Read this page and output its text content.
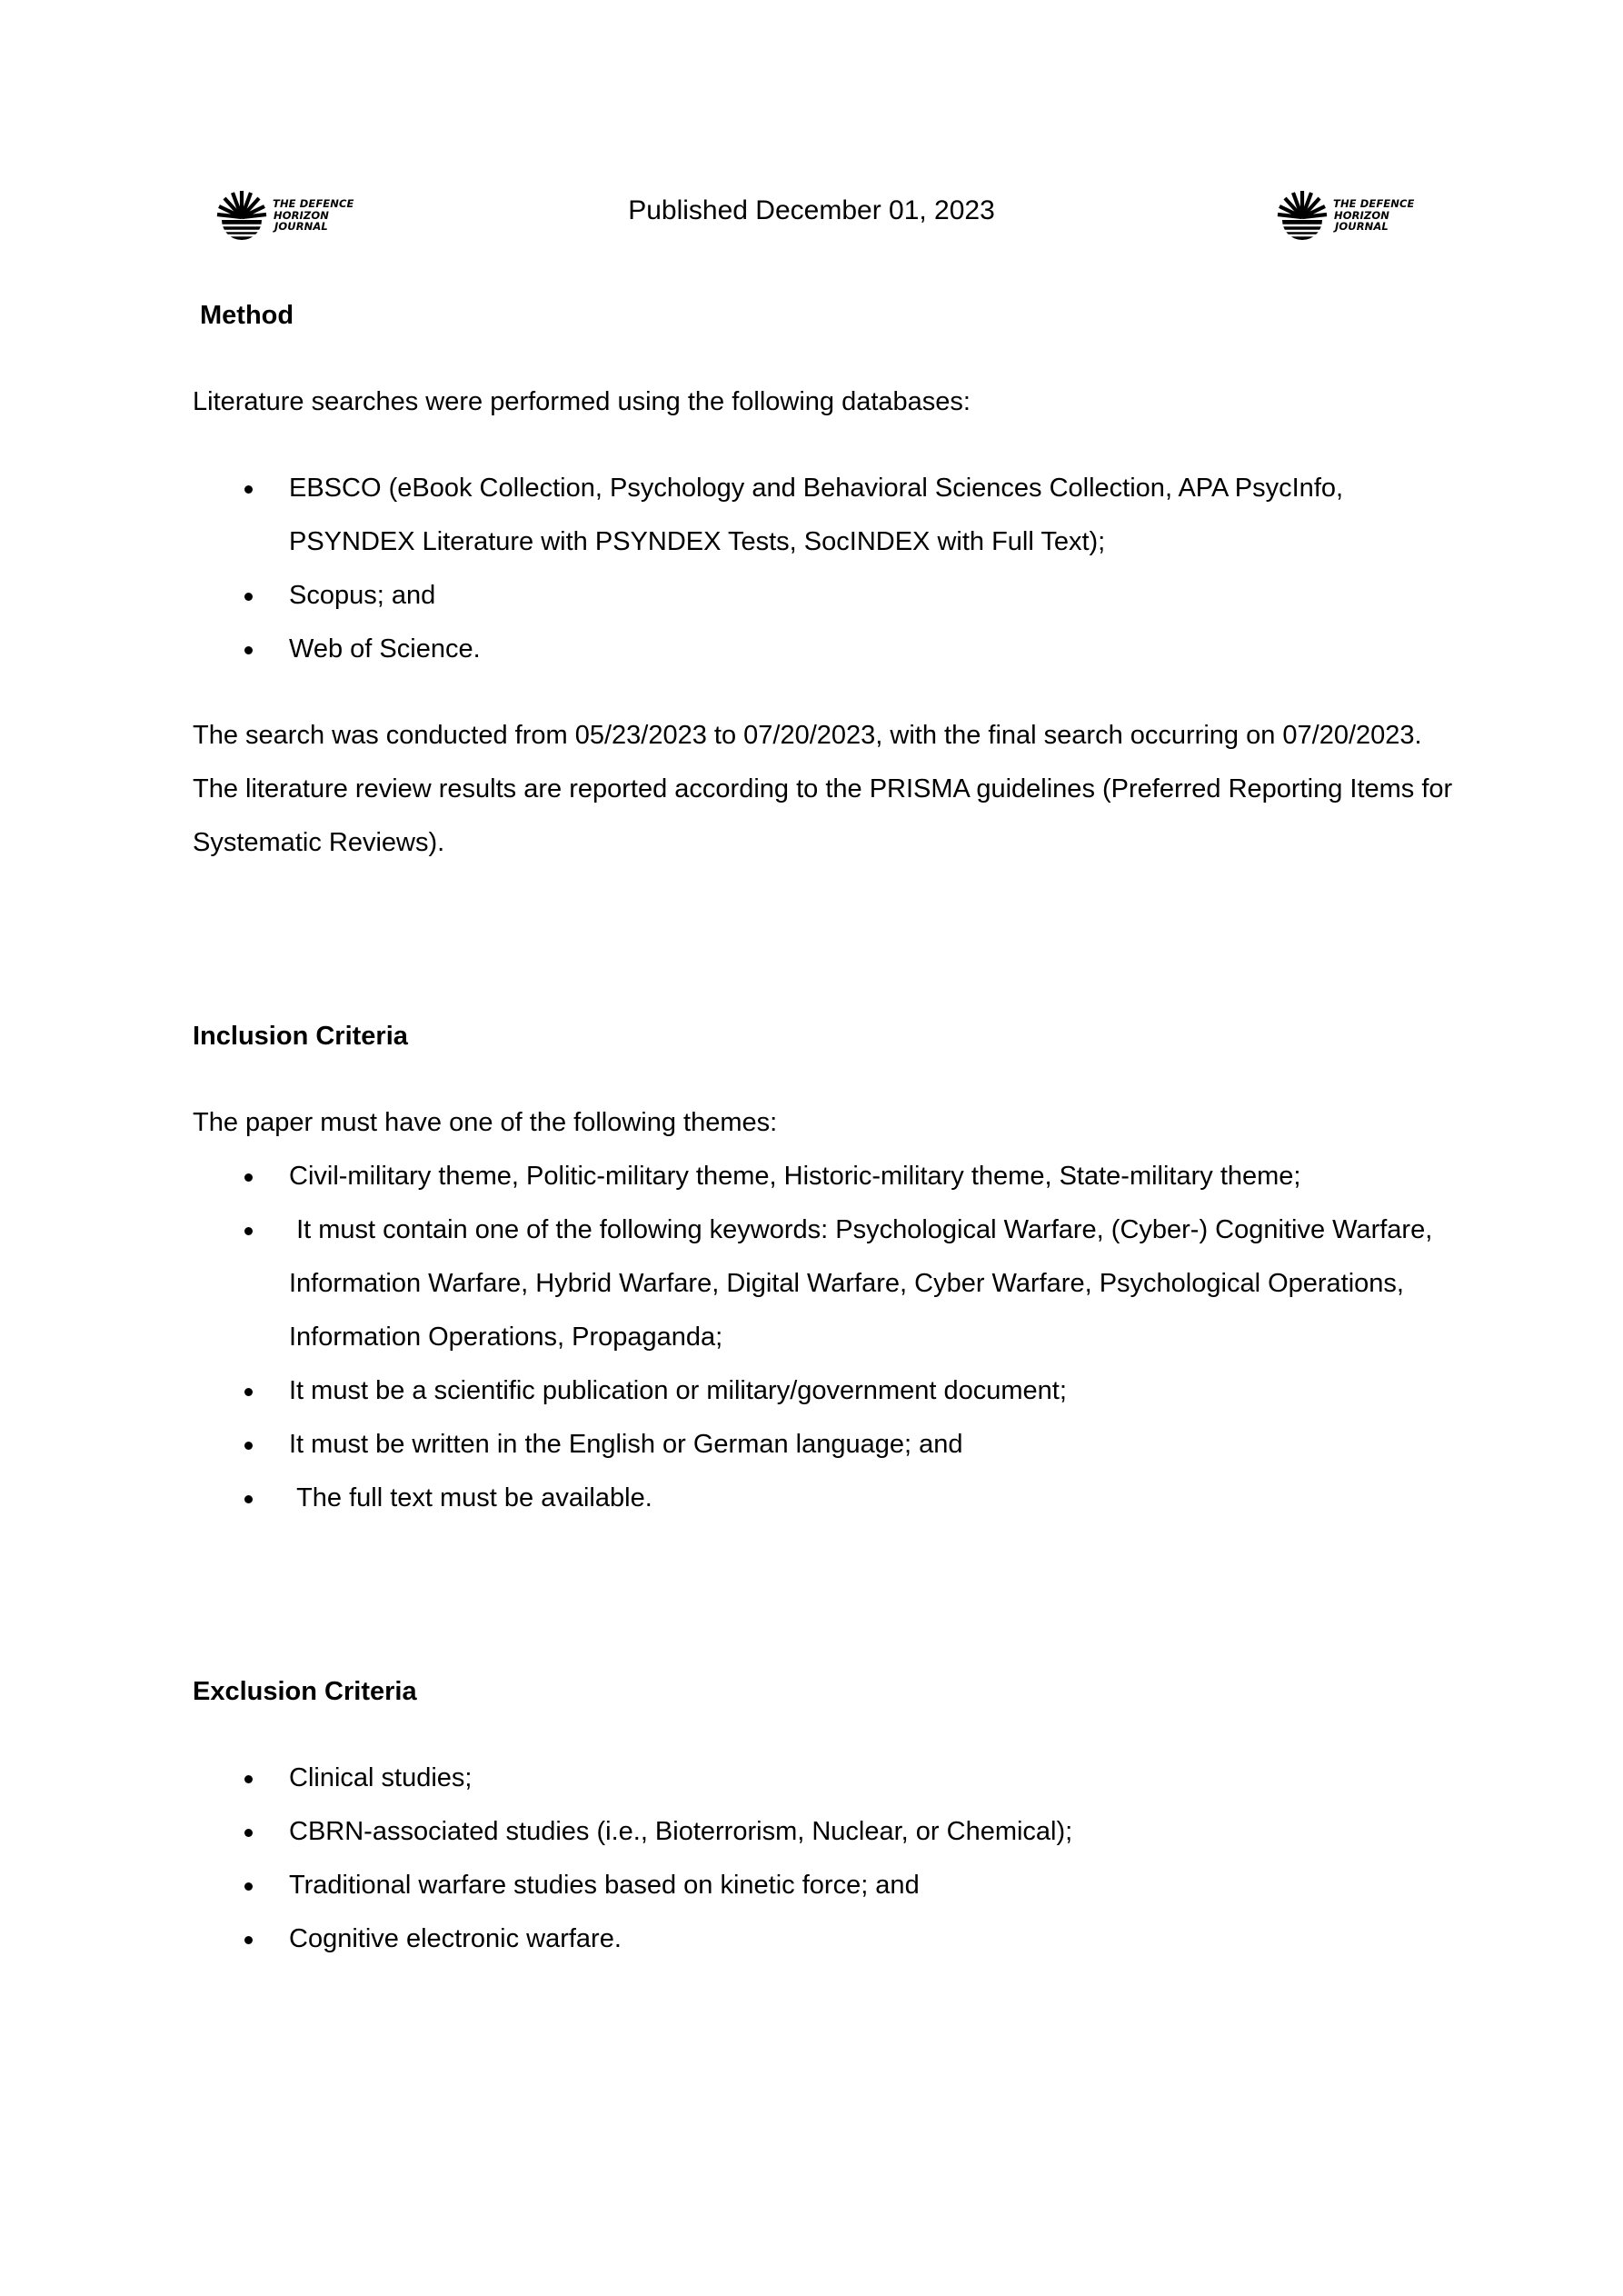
THE DEFENCE
HORIZON
JOURNAL
Published December 01, 2023	THE DEFENCE
HORIZON
JOURNAL

Method

Literature searches were performed using the following databases:

EBSCO (eBook Collection, Psychology and Behavioral Sciences Collection, APA PsycInfo, PSYNDEX Literature with PSYNDEX Tests, SocINDEX with Full Text);
Scopus; and
Web of Science.

The search was conducted from 05/23/2023 to 07/20/2023, with the final search occurring on 07/20/2023. The literature review results are reported according to the PRISMA guidelines (Preferred Reporting Items for Systematic Reviews).

Inclusion Criteria

The paper must have one of the following themes:

Civil-military theme, Politic-military theme, Historic-military theme, State-military theme;
It must contain one of the following keywords: Psychological Warfare, (Cyber-) Cognitive Warfare, Information Warfare, Hybrid Warfare, Digital Warfare, Cyber Warfare, Psychological Operations, Information Operations, Propaganda;
It must be a scientific publication or military/government document;
It must be written in the English or German language; and
The full text must be available.

Exclusion Criteria

Clinical studies;
CBRN-associated studies (i.e., Bioterrorism, Nuclear, or Chemical);
Traditional warfare studies based on kinetic force; and
Cognitive electronic warfare.
